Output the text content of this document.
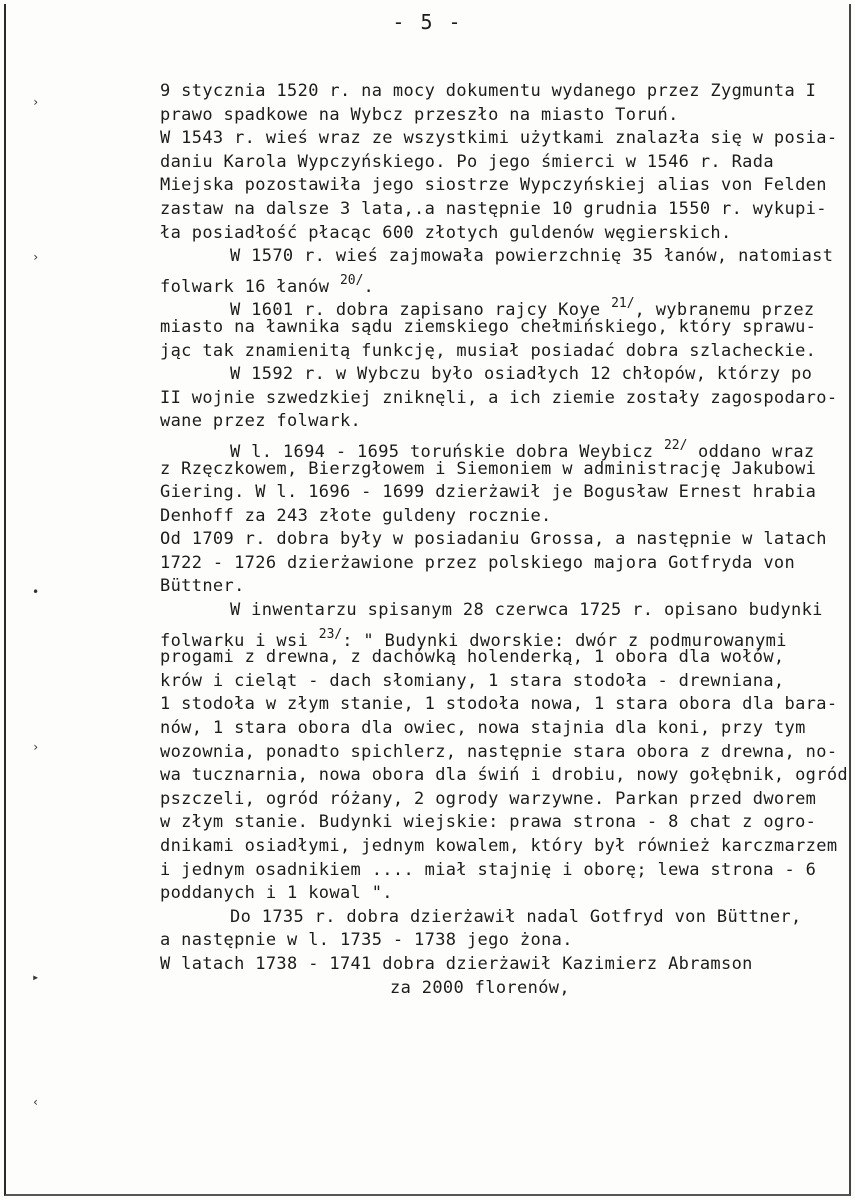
- 5 -
›
›
•
›
▸
‹
9 stycznia 1520 r. na mocy dokumentu wydanego przez Zygmunta I
prawo spadkowe na Wybcz przeszło na miasto Toruń.
W 1543 r. wieś wraz ze wszystkimi użytkami znalazła się w posia-
daniu Karola Wypczyńskiego. Po jego śmierci w 1546 r. Rada
Miejska pozostawiła jego siostrze Wypczyńskiej alias von Felden
zastaw na dalsze 3 lata,.a następnie 10 grudnia 1550 r. wykupi-
ła posiadłość płacąc 600 złotych guldenów węgierskich.
W 1570 r. wieś zajmowała powierzchnię 35 łanów, natomiast
folwark 16 łanów $^{20/}$.
W 1601 r. dobra zapisano rajcy Koye $^{21/}$, wybranemu przez
miasto na ławnika sądu ziemskiego chełmińskiego, który sprawu-
jąc tak znamienitą funkcję, musiał posiadać dobra szlacheckie.
W 1592 r. w Wybczu było osiadłych 12 chłopów, którzy po
II wojnie szwedzkiej zniknęli, a ich ziemie zostały zagospodaro-
wane przez folwark.
W l. 1694 - 1695 toruńskie dobra Weybicz $^{22/}$ oddano wraz
z Rzęczkowem, Bierzgłowem i Siemoniem w administrację Jakubowi
Giering. W l. 1696 - 1699 dzierżawił je Bogusław Ernest hrabia
Denhoff za 243 złote guldeny rocznie.
Od 1709 r. dobra były w posiadaniu Grossa, a następnie w latach
1722 - 1726 dzierżawione przez polskiego majora Gotfryda von
Büttner.
W inwentarzu spisanym 28 czerwca 1725 r. opisano budynki
folwarku i wsi $^{23/}$: " Budynki dworskie: dwór z podmurowanymi
progami z drewna, z dachówką holenderką, 1 obora dla wołów,
krów i cieląt - dach słomiany, 1 stara stodoła - drewniana,
1 stodoła w złym stanie, 1 stodoła nowa, 1 stara obora dla bara-
nów, 1 stara obora dla owiec, nowa stajnia dla koni, przy tym
wozownia, ponadto spichlerz, następnie stara obora z drewna, no-
wa tucznarnia, nowa obora dla świń i drobiu, nowy gołębnik, ogród
pszczeli, ogród różany, 2 ogrody warzywne. Parkan przed dworem
w złym stanie. Budynki wiejskie: prawa strona - 8 chat z ogro-
dnikami osiadłymi, jednym kowalem, który był również karczmarzem
i jednym osadnikiem .... miał stajnię i oborę; lewa strona - 6
poddanych i 1 kowal ".
Do 1735 r. dobra dzierżawił nadal Gotfryd von Büttner,
a następnie w l. 1735 - 1738 jego żona.
W latach 1738 - 1741 dobra dzierżawił Kazimierz Abramson
za 2000 florenów,
